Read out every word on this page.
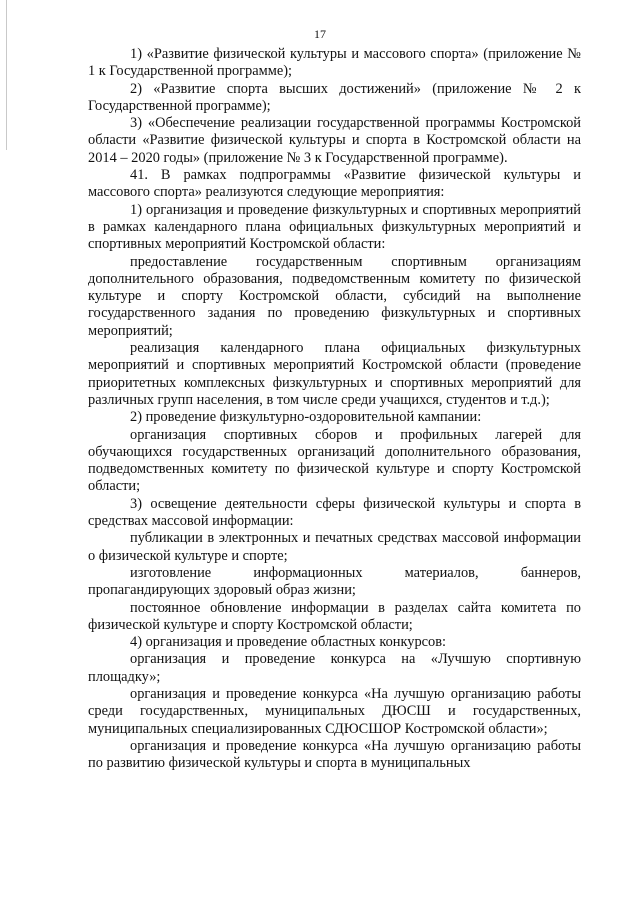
17

1) «Развитие физической культуры и массового спорта» (приложение № 1 к Государственной программе);

2) «Развитие спорта высших достижений» (приложение № 2 к Государственной программе);

3) «Обеспечение реализации государственной программы Костромской области «Развитие физической культуры и спорта в Костромской области на 2014 – 2020 годы» (приложение № 3 к Государственной программе).

41. В рамках подпрограммы «Развитие физической культуры и массового спорта» реализуются следующие мероприятия:

1) организация и проведение физкультурных и спортивных мероприятий в рамках календарного плана официальных физкультурных мероприятий и спортивных мероприятий Костромской области:

предоставление государственным спортивным организациям дополнительного образования, подведомственным комитету по физической культуре и спорту Костромской области, субсидий на выполнение государственного задания по проведению физкультурных и спортивных мероприятий;

реализация календарного плана официальных физкультурных мероприятий и спортивных мероприятий Костромской области (проведение приоритетных комплексных физкультурных и спортивных мероприятий для различных групп населения, в том числе среди учащихся, студентов и т.д.);

2) проведение физкультурно-оздоровительной кампании:

организация спортивных сборов и профильных лагерей для обучающихся государственных организаций дополнительного образования, подведомственных комитету по физической культуре и спорту Костромской области;

3) освещение деятельности сферы физической культуры и спорта в средствах массовой информации:

публикации в электронных и печатных средствах массовой информации о физической культуре и спорте;

изготовление информационных материалов, баннеров, пропагандирующих здоровый образ жизни;

постоянное обновление информации в разделах сайта комитета по физической культуре и спорту Костромской области;

4) организация и проведение областных конкурсов:

организация и проведение конкурса на «Лучшую спортивную площадку»;

организация и проведение конкурса «На лучшую организацию работы среди государственных, муниципальных ДЮСШ и государственных, муниципальных специализированных СДЮСШОР Костромской области»;

организация и проведение конкурса «На лучшую организацию работы по развитию физической культуры и спорта в муниципальных
